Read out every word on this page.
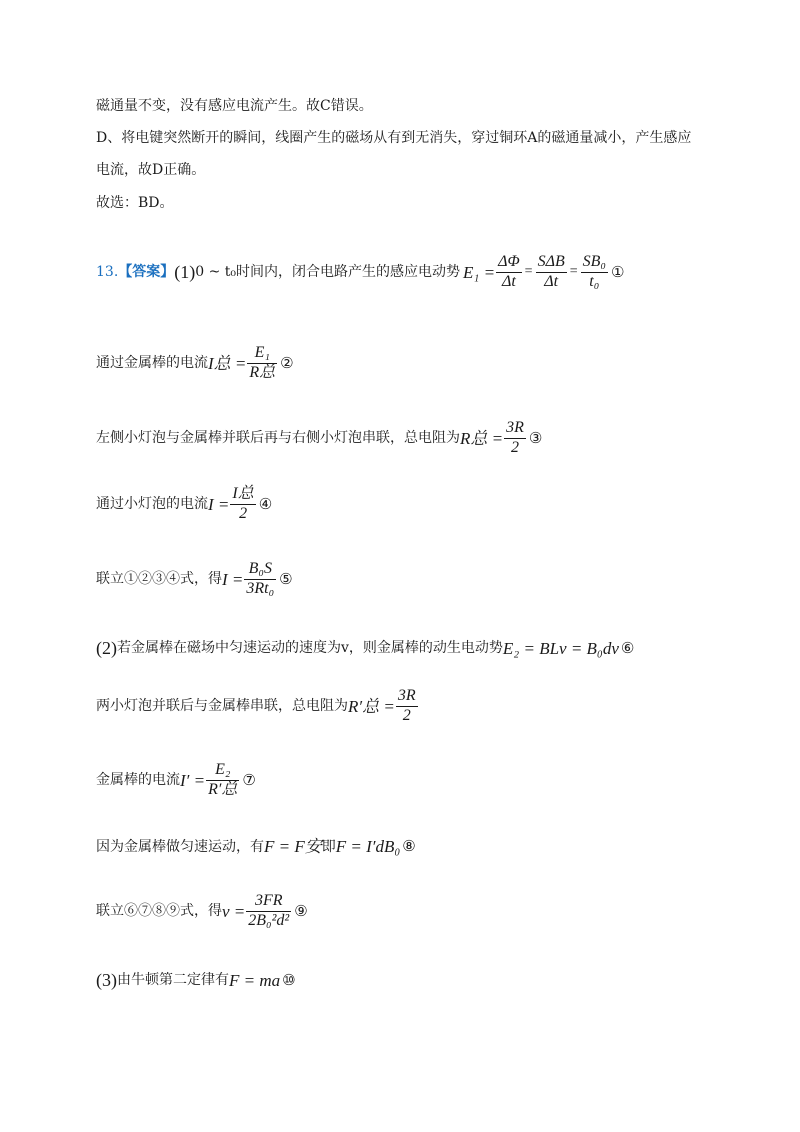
磁通量不变，没有感应电流产生。故C错误。
D、将电键突然断开的瞬间，线圈产生的磁场从有到无消失，穿过铜环A的磁通量减小，产生感应
电流，故D正确。
故选：BD。
13. 【答案】 (1) 0 ~ t₀时间内，闭合电路产生的感应电动势 $E_1 = \frac{\Delta\Phi}{\Delta t} = \frac{\text{SΔB}}{\Delta t} = \frac{\text{SB₀}}{\text{t₀}}$ ①
通过金属棒的电流 I总 = $\frac{\text{E₁}}{\text{R总}}$ ②
左侧小灯泡与金属棒并联后再与右侧小灯泡串联，总电阻为 R总 = $\frac{3R}{2}$ ③
通过小灯泡的电流 $I = \frac{\text{I总}}{2}$ ④
联立①②③④式，得 $I = \frac{\text{B₀S}}{\text{3Rt₀}}$ ⑤
(2) 若金属棒在磁场中匀速运动的速度为v，则金属棒的动生电动势 E₂ = BLv = B₀dv ⑥
两小灯泡并联后与金属棒串联，总电阻为 R′总 = $\frac{3R}{2}$
金属棒的电流 $I' = \frac{\text{E₂}}{\text{R′总}}$ ⑦
因为金属棒做匀速运动，有 F = F安 即 F = I′dB₀ ⑧
联立⑥⑦⑧⑨式，得 $v = \frac{3FR}{\text{2B₀²d²}}$ ⑨
(3) 由牛顿第二定律有 F = ma ⑩
